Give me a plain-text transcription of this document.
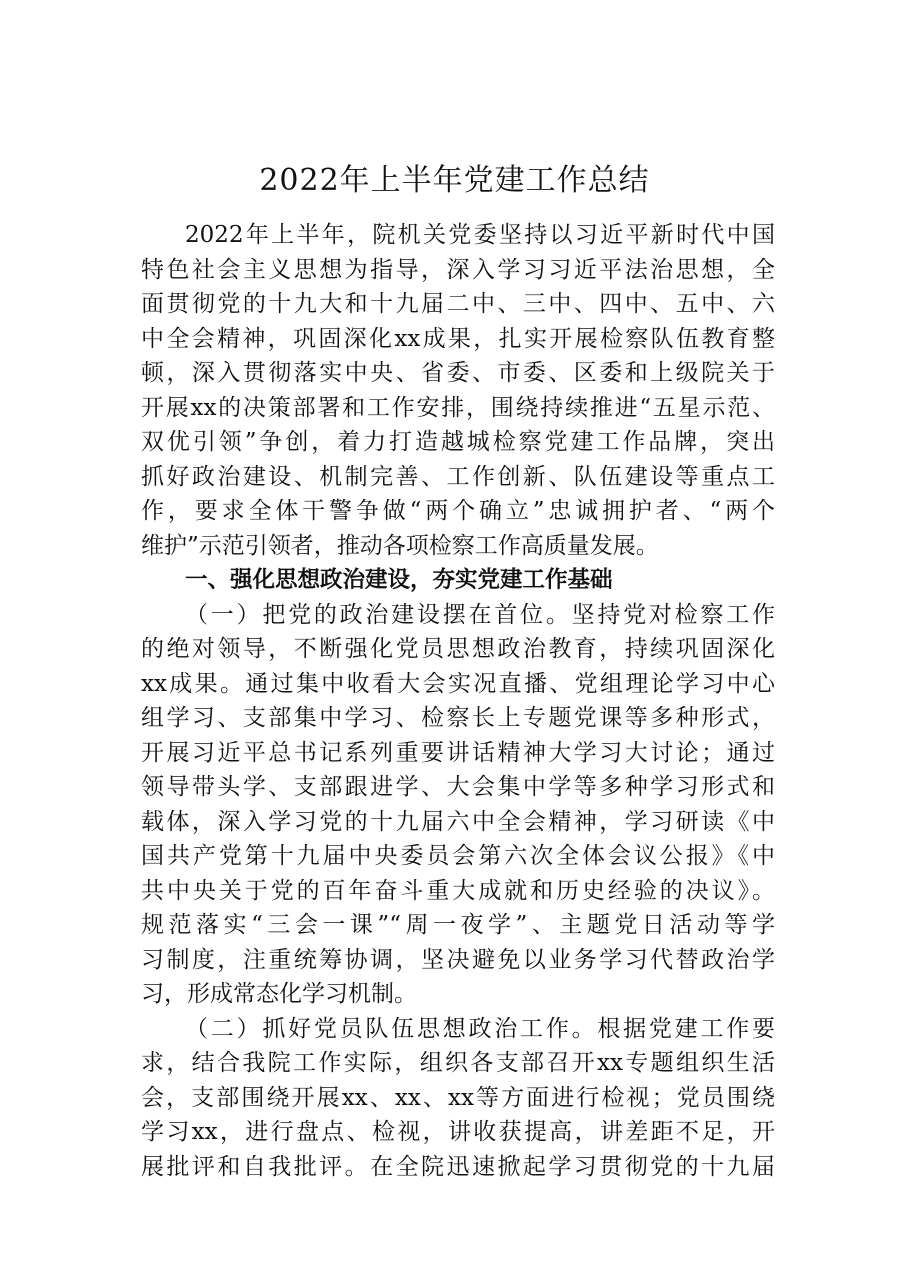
2022年上半年党建工作总结
2022年上半年，院机关党委坚持以习近平新时代中国
特色社会主义思想为指导，深入学习习近平法治思想，全
面贯彻党的十九大和十九届二中、三中、四中、五中、六
中全会精神，巩固深化xx成果，扎实开展检察队伍教育整
顿，深入贯彻落实中央、省委、市委、区委和上级院关于
开展xx的决策部署和工作安排，围绕持续推进“五星示范、
双优引领”争创，着力打造越城检察党建工作品牌，突出
抓好政治建设、机制完善、工作创新、队伍建设等重点工
作，要求全体干警争做“两个确立”忠诚拥护者、“两个
维护”示范引领者，推动各项检察工作高质量发展。
一、强化思想政治建设，夯实党建工作基础
（一）把党的政治建设摆在首位。坚持党对检察工作
的绝对领导，不断强化党员思想政治教育，持续巩固深化
xx成果。通过集中收看大会实况直播、党组理论学习中心
组学习、支部集中学习、检察长上专题党课等多种形式，
开展习近平总书记系列重要讲话精神大学习大讨论；通过
领导带头学、支部跟进学、大会集中学等多种学习形式和
载体，深入学习党的十九届六中全会精神，学习研读《中
国共产党第十九届中央委员会第六次全体会议公报》《中
共中央关于党的百年奋斗重大成就和历史经验的决议》。
规范落实“三会一课”“周一夜学”、主题党日活动等学
习制度，注重统筹协调，坚决避免以业务学习代替政治学
习，形成常态化学习机制。
（二）抓好党员队伍思想政治工作。根据党建工作要
求，结合我院工作实际，组织各支部召开xx专题组织生活
会，支部围绕开展xx、xx、xx等方面进行检视；党员围绕
学习xx，进行盘点、检视，讲收获提高，讲差距不足，开
展批评和自我批评。在全院迅速掀起学习贯彻党的十九届
